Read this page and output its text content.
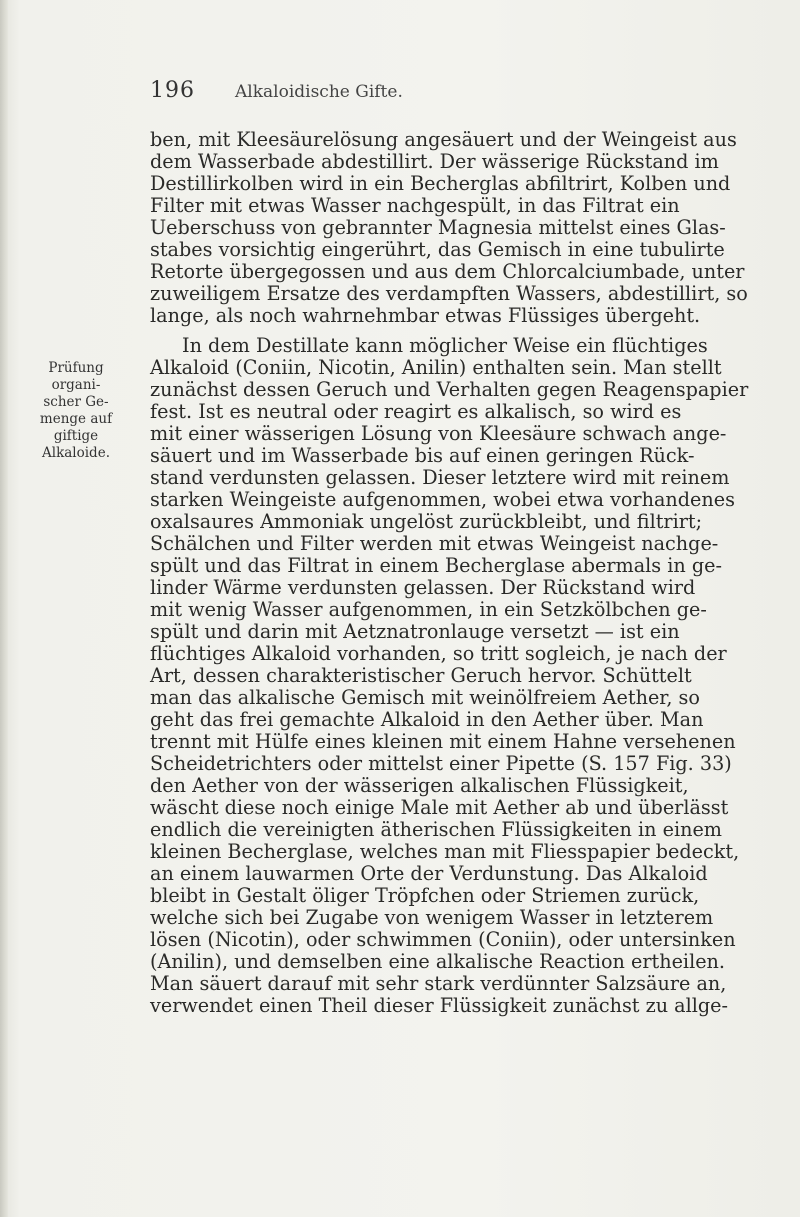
196 Alkaloidische Gifte.
Prüfung
organi-
scher Ge-
menge auf
giftige
Alkaloide.
ben, mit Kleesäurelösung angesäuert und der Weingeist aus
dem Wasserbade abdestillirt. Der wässerige Rückstand im
Destillirkolben wird in ein Becherglas abfiltrirt, Kolben und
Filter mit etwas Wasser nachgespült, in das Filtrat ein
Ueberschuss von gebrannter Magnesia mittelst eines Glas-
stabes vorsichtig eingerührt, das Gemisch in eine tubulirte
Retorte übergegossen und aus dem Chlorcalciumbade, unter
zuweiligem Ersatze des verdampften Wassers, abdestillirt, so
lange, als noch wahrnehmbar etwas Flüssiges übergeht.
In dem Destillate kann möglicher Weise ein flüchtiges
Alkaloid (Coniin, Nicotin, Anilin) enthalten sein. Man stellt
zunächst dessen Geruch und Verhalten gegen Reagenspapier
fest. Ist es neutral oder reagirt es alkalisch, so wird es
mit einer wässerigen Lösung von Kleesäure schwach ange-
säuert und im Wasserbade bis auf einen geringen Rück-
stand verdunsten gelassen. Dieser letztere wird mit reinem
starken Weingeiste aufgenommen, wobei etwa vorhandenes
oxalsaures Ammoniak ungelöst zurückbleibt, und filtrirt;
Schälchen und Filter werden mit etwas Weingeist nachge-
spült und das Filtrat in einem Becherglase abermals in ge-
linder Wärme verdunsten gelassen. Der Rückstand wird
mit wenig Wasser aufgenommen, in ein Setzkölbchen ge-
spült und darin mit Aetznatronlauge versetzt — ist ein
flüchtiges Alkaloid vorhanden, so tritt sogleich, je nach der
Art, dessen charakteristischer Geruch hervor. Schüttelt
man das alkalische Gemisch mit weinölfreiem Aether, so
geht das frei gemachte Alkaloid in den Aether über. Man
trennt mit Hülfe eines kleinen mit einem Hahne versehenen
Scheidetrichters oder mittelst einer Pipette (S. 157 Fig. 33)
den Aether von der wässerigen alkalischen Flüssigkeit,
wäscht diese noch einige Male mit Aether ab und überlässt
endlich die vereinigten ätherischen Flüssigkeiten in einem
kleinen Becherglase, welches man mit Fliesspapier bedeckt,
an einem lauwarmen Orte der Verdunstung. Das Alkaloid
bleibt in Gestalt öliger Tröpfchen oder Striemen zurück,
welche sich bei Zugabe von wenigem Wasser in letzterem
lösen (Nicotin), oder schwimmen (Coniin), oder untersinken
(Anilin), und demselben eine alkalische Reaction ertheilen.
Man säuert darauf mit sehr stark verdünnter Salzsäure an,
verwendet einen Theil dieser Flüssigkeit zunächst zu allge-
